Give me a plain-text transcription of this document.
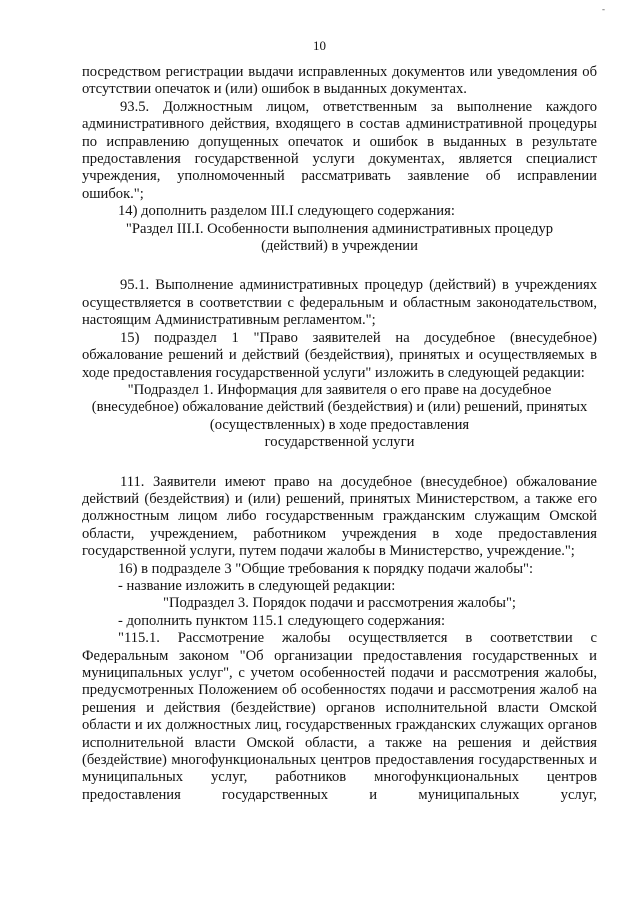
-
10

посредством регистрации выдачи исправленных документов или уведомления об отсутствии опечаток и (или) ошибок в выданных документах.

93.5. Должностным лицом, ответственным за выполнение каждого административного действия, входящего в состав административной процедуры по исправлению допущенных опечаток и ошибок в выданных в результате предоставления государственной услуги документах, является специалист учреждения, уполномоченный рассматривать заявление об исправлении ошибок.";

14) дополнить разделом III.I следующего содержания:

"Раздел III.I. Особенности выполнения административных процедур

(действий) в учреждении

95.1. Выполнение административных процедур (действий) в учреждениях осуществляется в соответствии с федеральным и областным законодательством, настоящим Административным регламентом.";

15) подраздел 1 "Право заявителей на досудебное (внесудебное) обжалование решений и действий (бездействия), принятых и осуществляемых в ходе предоставления государственной услуги" изложить в следующей редакции:

"Подраздел 1. Информация для заявителя о его праве на досудебное

(внесудебное) обжалование действий (бездействия) и (или) решений, принятых

(осуществленных) в ходе предоставления

государственной услуги

111. Заявители имеют право на досудебное (внесудебное) обжалование действий (бездействия) и (или) решений, принятых Министерством, а также его должностным лицом либо государственным гражданским служащим Омской области, учреждением, работником учреждения в ходе предоставления государственной услуги, путем подачи жалобы в Министерство, учреждение.";

16) в подразделе 3 "Общие требования к порядку подачи жалобы":

- название изложить в следующей редакции:

"Подраздел 3. Порядок подачи и рассмотрения жалобы";

- дополнить пунктом 115.1 следующего содержания:

"115.1. Рассмотрение жалобы осуществляется в соответствии с Федеральным законом "Об организации предоставления государственных и муниципальных услуг", с учетом особенностей подачи и рассмотрения жалобы, предусмотренных Положением об особенностях подачи и рассмотрения жалоб на решения и действия (бездействие) органов исполнительной власти Омской области и их должностных лиц, государственных гражданских служащих органов исполнительной власти Омской области, а также на решения и действия (бездействие) многофункциональных центров предоставления государственных и муниципальных услуг, работников многофункциональных центров предоставления государственных и муниципальных услуг,
